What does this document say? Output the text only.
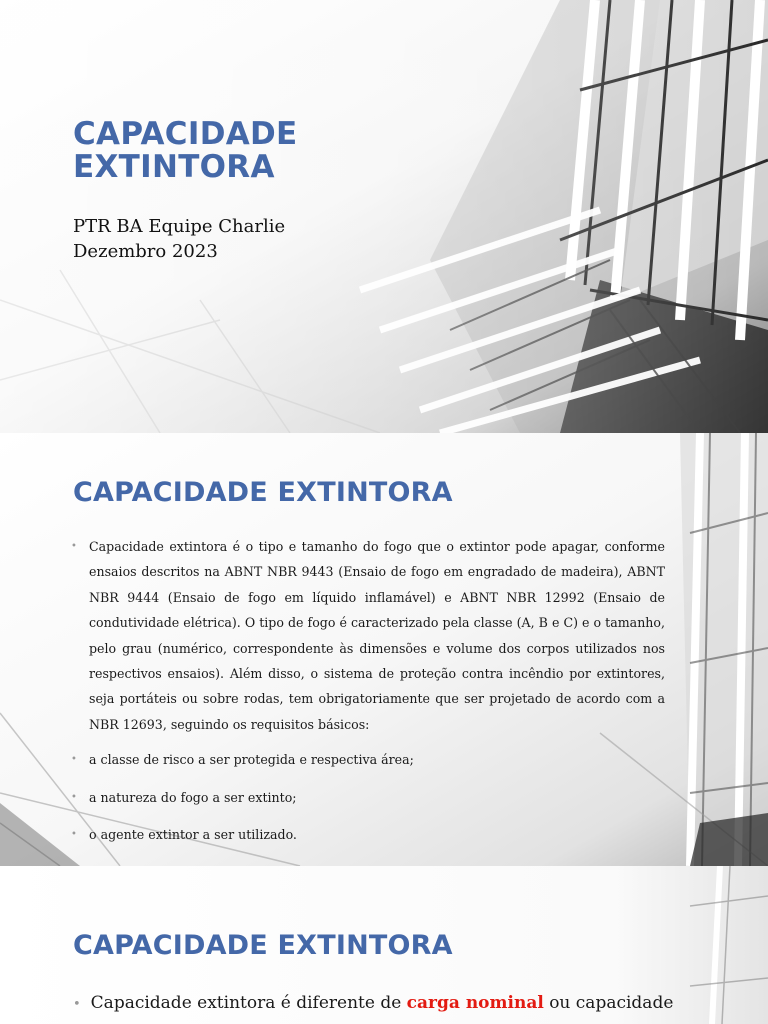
CAPACIDADE
EXTINTORA
PTR BA Equipe Charlie
Dezembro 2023
CAPACIDADE EXTINTORA
• Capacidade extintora é o tipo e tamanho do fogo que o extintor pode apagar, conforme ensaios descritos na ABNT NBR 9443 (Ensaio de fogo em engradado de madeira), ABNT NBR 9444 (Ensaio de fogo em líquido inflamável) e ABNT NBR 12992 (Ensaio de condutividade elétrica). O tipo de fogo é caracterizado pela classe (A, B e C) e o tamanho, pelo grau (numérico, correspondente às dimensões e volume dos corpos utilizados nos respectivos ensaios). Além disso, o sistema de proteção contra incêndio por extintores, seja portáteis ou sobre rodas, tem obrigatoriamente que ser projetado de acordo com a NBR 12693, seguindo os requisitos básicos:
• a classe de risco a ser protegida e respectiva área;
• a natureza do fogo a ser extinto;
• o agente extintor a ser utilizado.
CAPACIDADE EXTINTORA
• Capacidade extintora é diferente de carga nominal ou capacidade
